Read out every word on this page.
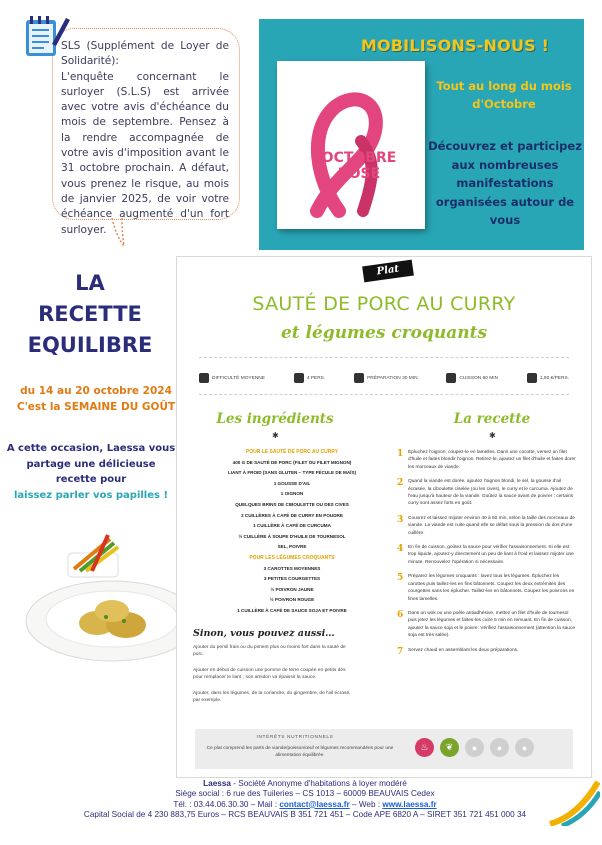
SLS (Supplément de Loyer de Solidarité):
L'enquête concernant le surloyer (S.L.S) est arrivée avec votre avis d'échéance du mois de septembre. Pensez à la rendre accompagnée de votre avis d'imposition avant le 31 octobre prochain. A défaut, vous prenez le risque, au mois de janvier 2025, de voir votre échéance augmenté d'un fort surloyer.

MOBILISONS-NOUS !
OCTOBRE
ROSE
Tout au long du mois d'Octobre
Découvrez et participez aux nombreuses manifestations organisées autour de vous
LA RECETTE EQUILIBRE
du 14 au 20 octobre 2024
C'est la SEMAINE DU GOÛT
A cette occasion, Laessa vous partage une délicieuse recette pour
laissez parler vos papilles !
Plat
SAUTÉ DE PORC AU CURRY
et légumes croquants
DIFFICULTÉ MOYENNE	4 PERS.	PRÉPARATION 30 MIN	CUISSON 60 MIN	1,90 €/PERS.
Les ingrédients	La recette
✱	✱
POUR LE SAUTÉ DE PORC AU CURRY
400 G DE SAUTÉ DE PORC (FILET OU FILET MIGNON)
LIANT À FROID (SANS GLUTEN – TYPE FÉCULE DE MAÏS)
1 GOUSSE D'AIL
1 OIGNON
QUELQUES BRINS DE CIBOULETTE OU DES CIVES
2 CUILLÈRES À CAFÉ DE CURRY EN POUDRE
1 CUILLÈRE À CAFÉ DE CURCUMA
½ CUILLÈRE À SOUPE D'HUILE DE TOURNESOL
SEL, POIVRE
POUR LES LÉGUMES CROQUANTS
3 CAROTTES MOYENNES
3 PETITES COURGETTES
½ POIVRON JAUNE
½ POIVRON ROUGE
1 CUILLÈRE À CAFÉ DE SAUCE SOJA ET POIVRE
1 Épluchez l'oignon, coupez-le en lamelles. Dans une cocotte, versez un filet d'huile et faites blondir l'oignon. Retirez-le, ajoutez un filet d'huile et faites dorer les morceaux de viande.
2 Quand la viande est dorée, ajoutez l'oignon blondi, le sel, la gousse d'ail écrasée, la ciboulette ciselée (ou les cives), le curry et le curcuma. Ajoutez de l'eau jusqu'à hauteur de la viande. Goûtez la sauce avant de poivrer : certains curry sont assez forts en goût.
3 Couvrez et laissez mijoter environ 40 à 50 min, selon la taille des morceaux de viande. La viande est cuite quand elle se défait sous la pression du dos d'une cuillère.
4 En fin de cuisson, goûtez la sauce pour vérifier l'assaisonnement. Si elle est trop liquide, ajoutez-y directement un peu de liant à froid et laissez mijoter une minute. Renouvelez l'opération si nécessaire.
5 Préparez les légumes croquants : lavez tous les légumes. Épluchez les carottes puis taillez-les en fins bâtonnets. Coupez les deux extrémités des courgettes sans les éplucher. Taillez-les en bâtonnets. Coupez les poivrons en fines lamelles.
6 Dans un wok ou une poêle antiadhésive, mettez un filet d'huile de tournesol puis jetez les légumes et faites-les cuire 5 min en remuant. En fin de cuisson, ajoutez la sauce soja et le poivre. Vérifiez l'assaisonnement (attention la sauce soja est très salée).
7 Servez chaud en assemblant les deux préparations.
Sinon, vous pouvez aussi…

Ajouter du persil frais ou du piment plus ou moins fort dans la sauté de porc.

Ajouter en début de cuisson une pomme de terre coupée en petits dés pour remplacer le liant ; son amidon va épaissir la sauce.

Ajouter, dans les légumes, de la coriandre, du gingembre, de l'ail écrasé, par exemple.

INTÉRÊTS NUTRITIONNELS
Ce plat comprend les parts de viande/poisson/œuf et légumes recommandées pour une alimentation équilibrée.
♨	❦	●	●	●
Laessa - Société Anonyme d'habitations à loyer modéré
Siège social : 6 rue des Tuileries – CS 1013 – 60009 BEAUVAIS Cedex
Tél. : 03.44.06.30.30 – Mail : contact@laessa.fr – Web : www.laessa.fr
Capital Social de 4 230 883,75 Euros – RCS BEAUVAIS B 351 721 451 – Code APE 6820 A – SIRET 351 721 451 000 34
